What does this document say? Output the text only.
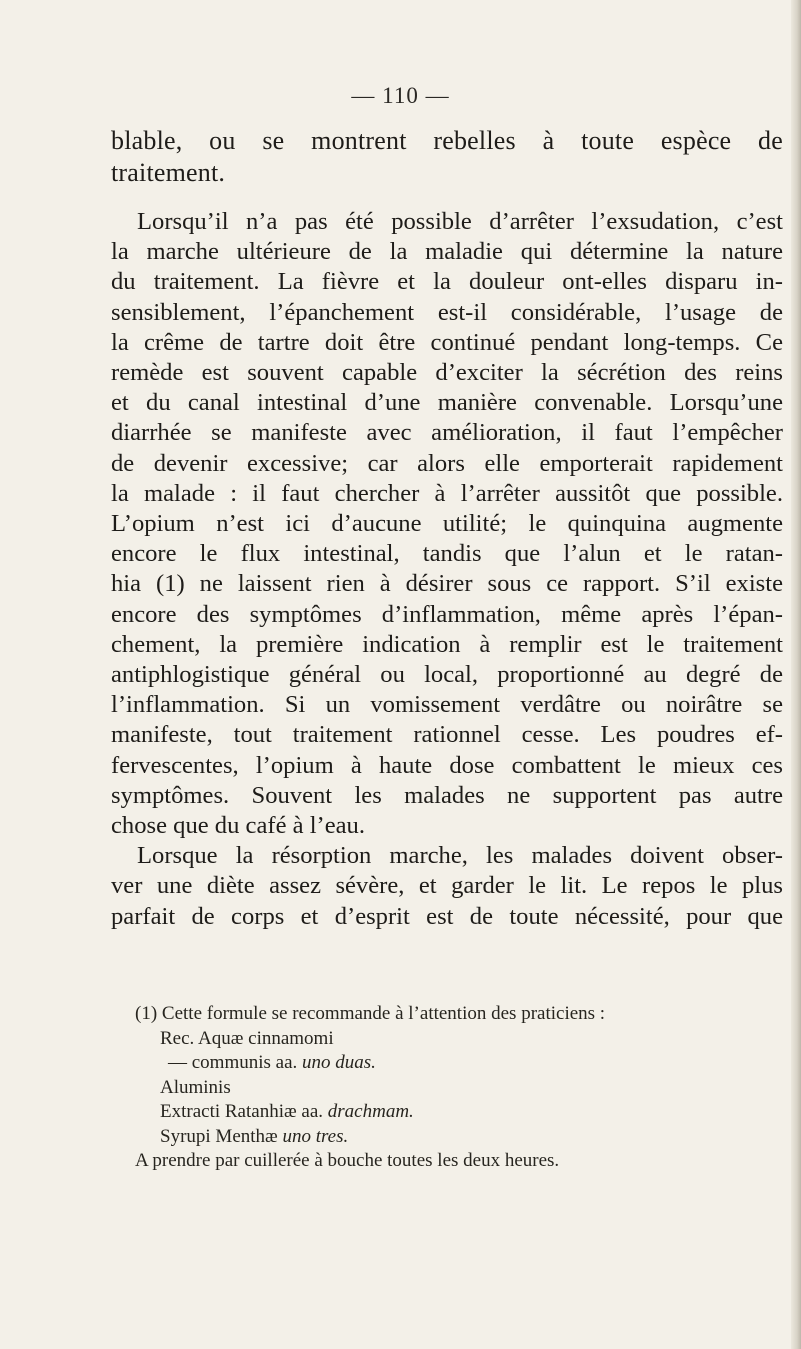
— 110 —
blable, ou se montrent rebelles à toute espèce de
traitement.
Lorsqu’il n’a pas été possible d’arrêter l’exsudation, c’est
la marche ultérieure de la maladie qui détermine la nature
du traitement. La fièvre et la douleur ont-elles disparu in-
sensiblement, l’épanchement est-il considérable, l’usage de
la crême de tartre doit être continué pendant long-temps. Ce
remède est souvent capable d’exciter la sécrétion des reins
et du canal intestinal d’une manière convenable. Lorsqu’une
diarrhée se manifeste avec amélioration, il faut l’empêcher
de devenir excessive; car alors elle emporterait rapidement
la malade : il faut chercher à l’arrêter aussitôt que possible.
L’opium n’est ici d’aucune utilité; le quinquina augmente
encore le flux intestinal, tandis que l’alun et le ratan-
hia (1) ne laissent rien à désirer sous ce rapport. S’il existe
encore des symptômes d’inflammation, même après l’épan-
chement, la première indication à remplir est le traitement
antiphlogistique général ou local, proportionné au degré de
l’inflammation. Si un vomissement verdâtre ou noirâtre se
manifeste, tout traitement rationnel cesse. Les poudres ef-
fervescentes, l’opium à haute dose combattent le mieux ces
symptômes. Souvent les malades ne supportent pas autre
chose que du café à l’eau.
Lorsque la résorption marche, les malades doivent obser-
ver une diète assez sévère, et garder le lit. Le repos le plus
parfait de corps et d’esprit est de toute nécessité, pour que
(1) Cette formule se recommande à l’attention des praticiens :
Rec. Aquæ cinnamomi
— communis aa. uno duas.
Aluminis
Extracti Ratanhiæ aa. drachmam.
Syrupi Menthæ uno tres.
A prendre par cuillerée à bouche toutes les deux heures.
